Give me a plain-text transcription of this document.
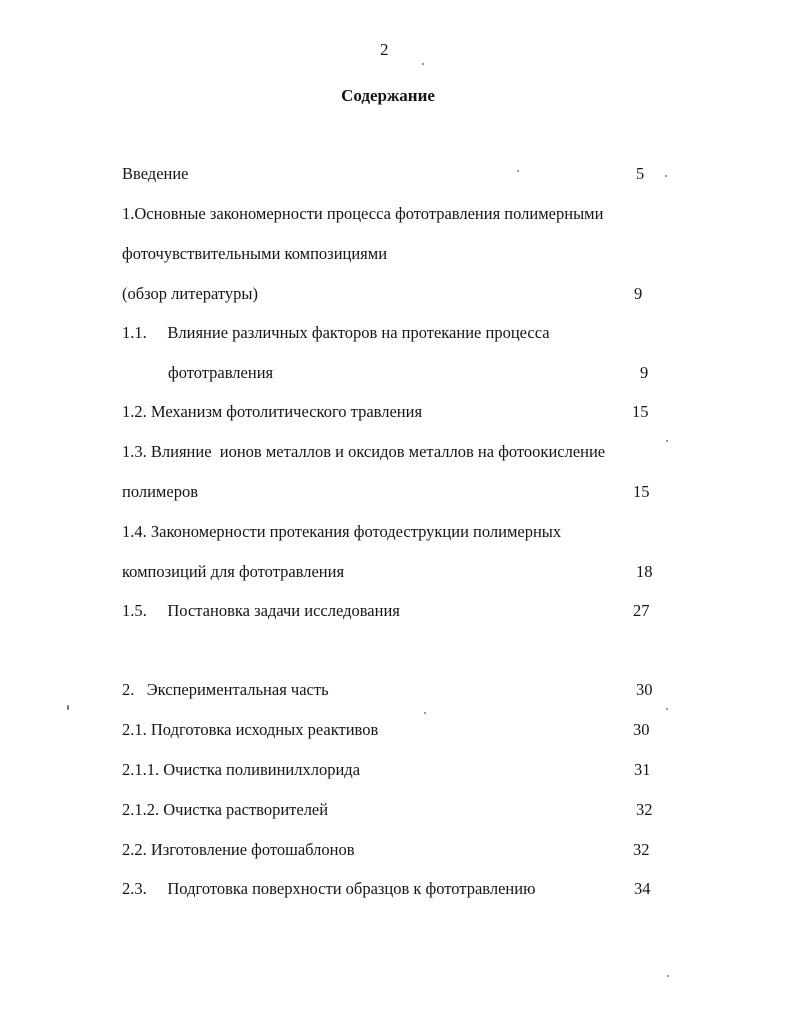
2
Содержание
Введение	5
1.Основные закономерности процесса фототравления полимерными
фоточувствительными композициями
(обзор литературы)	9
1.1.     Влияние различных факторов на протекание процесса
фототравления	9
1.2. Механизм фотолитического травления	15
1.3. Влияние  ионов металлов и оксидов металлов на фотоокисление
полимеров	15
1.4. Закономерности протекания фотодеструкции полимерных
композиций для фототравления	18
1.5.     Постановка задачи исследования	27
2.   Экспериментальная часть	30
2.1. Подготовка исходных реактивов	30
2.1.1. Очистка поливинилхлорида	31
2.1.2. Очистка растворителей	32
2.2. Изготовление фотошаблонов	32
2.3.     Подготовка поверхности образцов к фототравлению	34
